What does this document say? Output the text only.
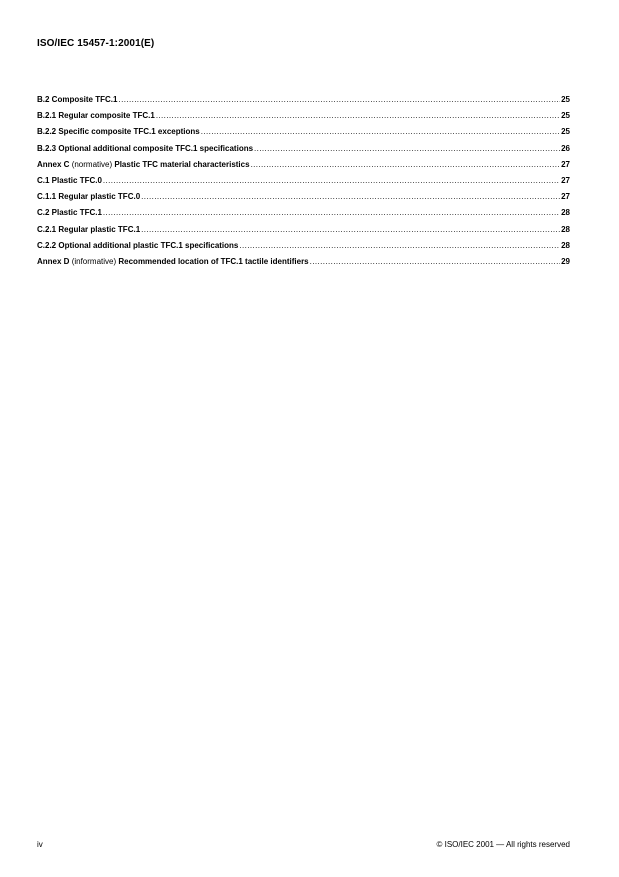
ISO/IEC 15457-1:2001(E)
B.2 Composite TFC.1 .....	25
B.2.1 Regular composite TFC.1 .....	25
B.2.2 Specific composite TFC.1 exceptions .....	25
B.2.3 Optional additional composite TFC.1 specifications .....	26
Annex C (normative) Plastic TFC material characteristics .....	27
C.1 Plastic TFC.0 .....	27
C.1.1 Regular plastic TFC.0 .....	27
C.2 Plastic TFC.1 .....	28
C.2.1 Regular plastic TFC.1 .....	28
C.2.2 Optional additional plastic TFC.1 specifications .....	28
Annex D (informative) Recommended location of TFC.1 tactile identifiers .....	29
iv	© ISO/IEC 2001 — All rights reserved
